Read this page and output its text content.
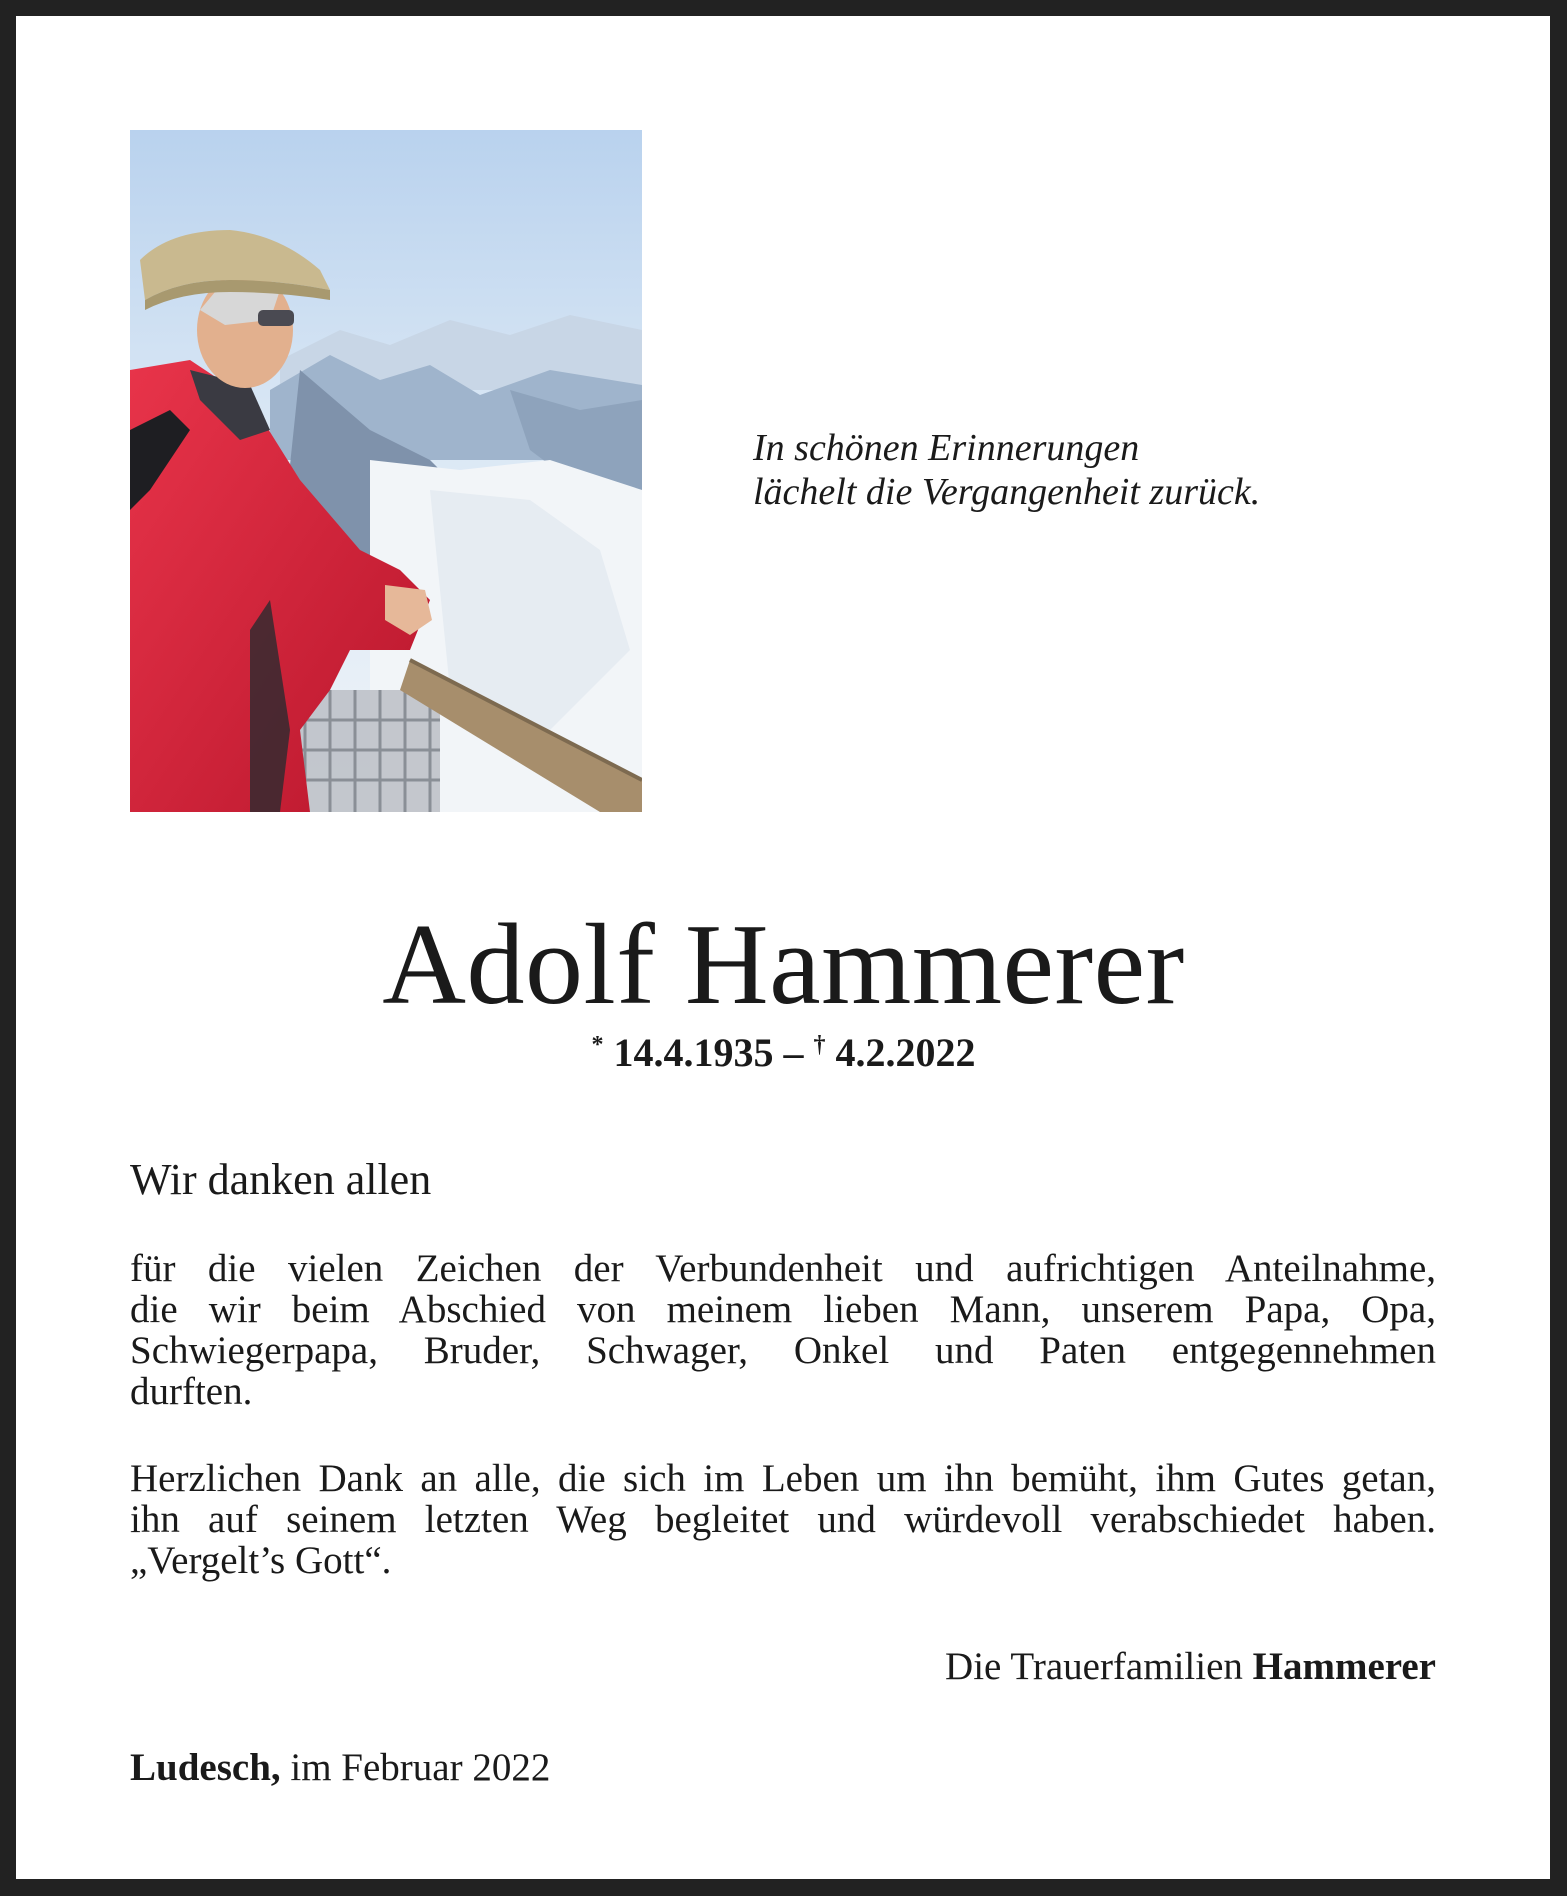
In schönen Erinnerungen
lächelt die Vergangenheit zurück.
Adolf Hammerer
* 14.4.1935 – † 4.2.2022
Wir danken allen
für die vielen Zeichen der Verbundenheit und aufrichtigen Anteilnahme,
die wir beim Abschied von meinem lieben Mann, unserem Papa, Opa,
Schwiegerpapa, Bruder, Schwager, Onkel und Paten entgegennehmen
durften.
Herzlichen Dank an alle, die sich im Leben um ihn bemüht, ihm Gutes getan,
ihn auf seinem letzten Weg begleitet und würdevoll verabschiedet haben.
„Vergelt’s Gott“.
Die Trauerfamilien Hammerer
Ludesch, im Februar 2022
